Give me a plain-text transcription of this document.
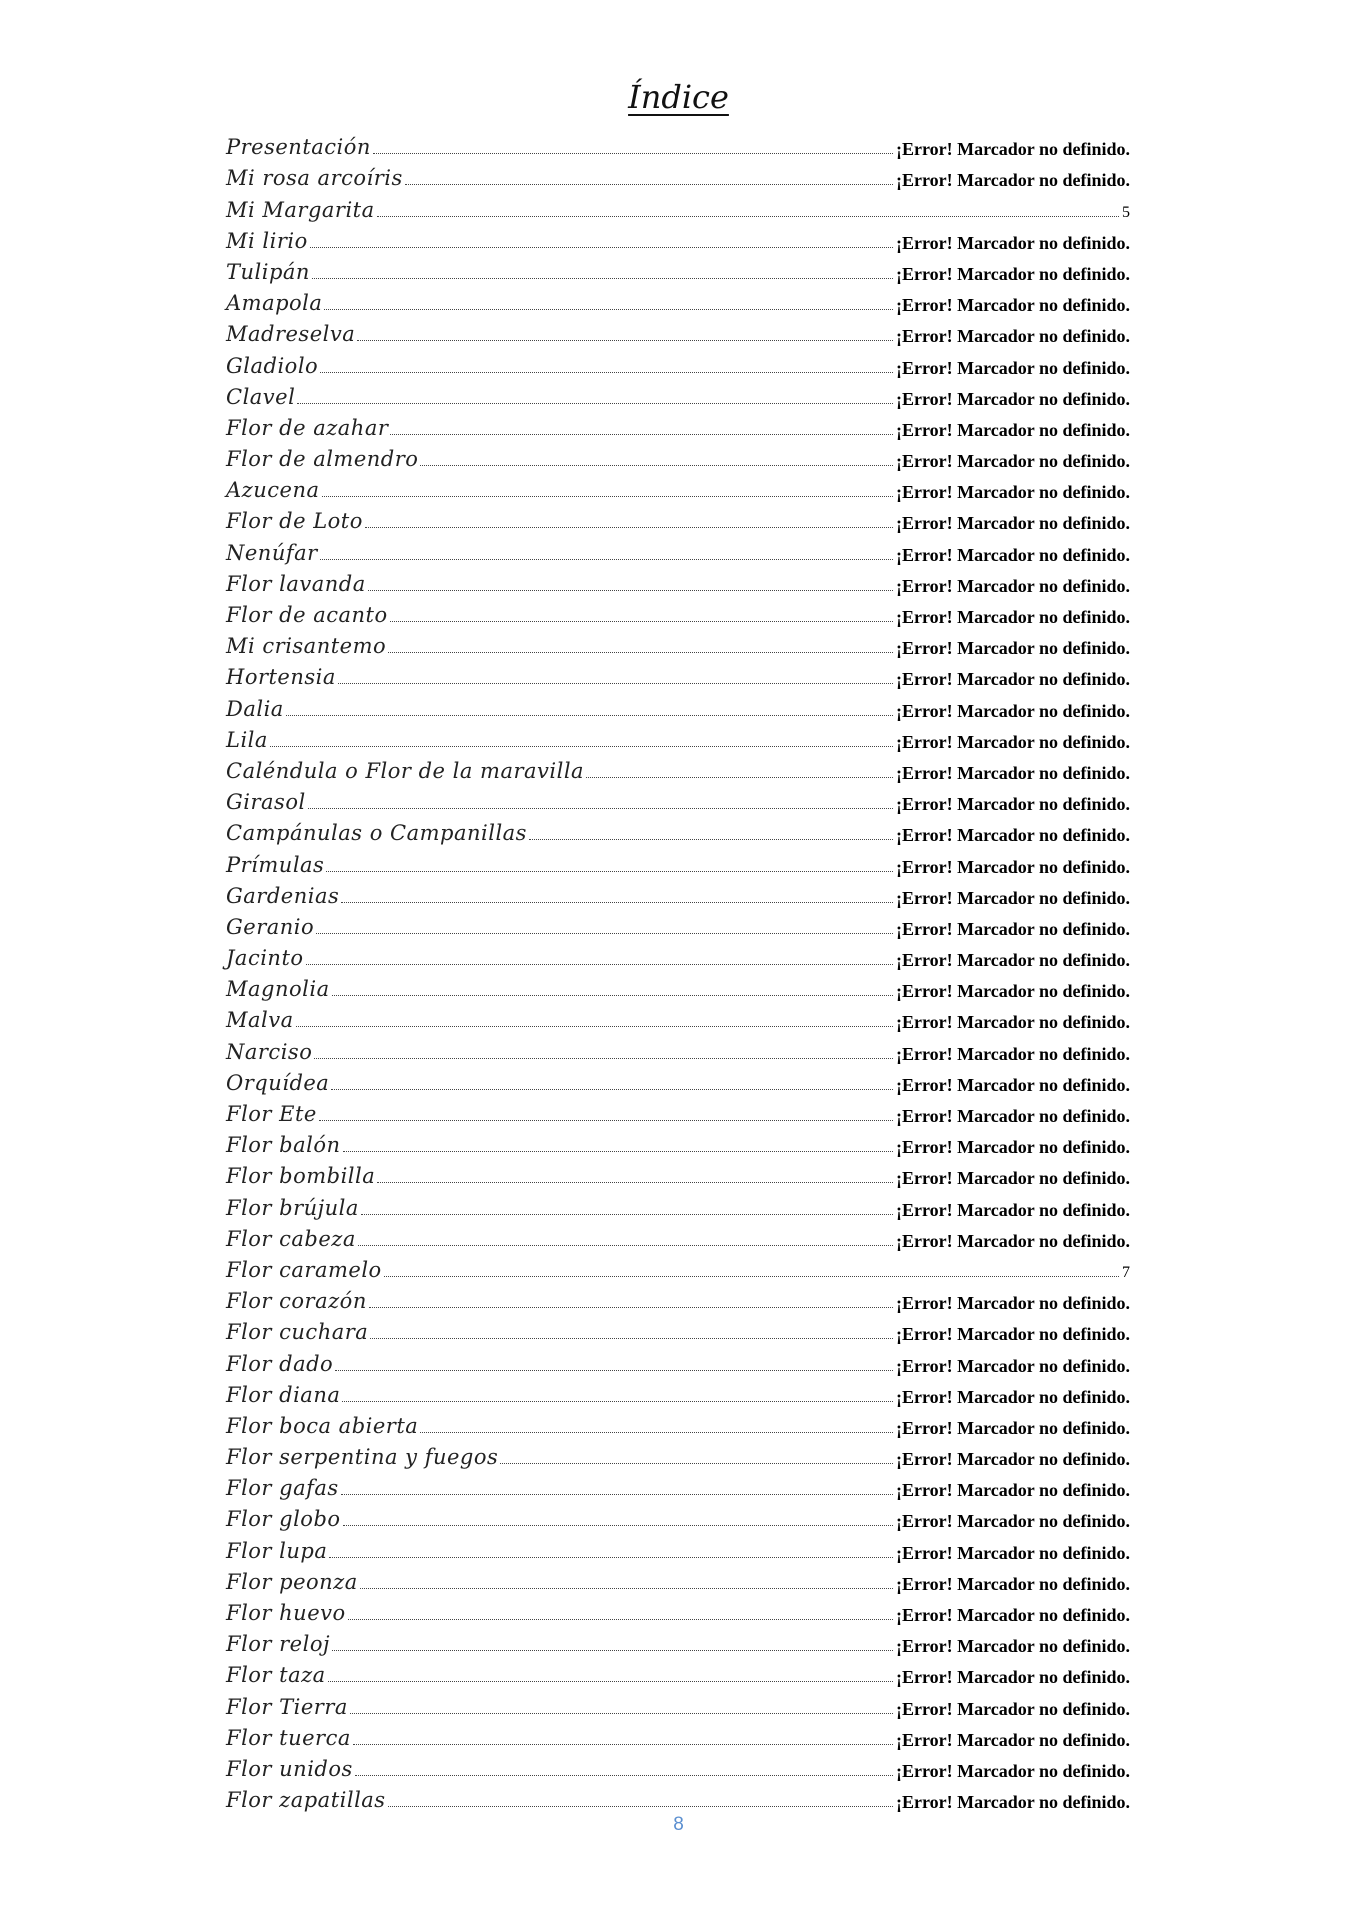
Índice
Presentación	¡Error! Marcador no definido.
Mi rosa arcoíris	¡Error! Marcador no definido.
Mi Margarita	5
Mi lirio	¡Error! Marcador no definido.
Tulipán	¡Error! Marcador no definido.
Amapola	¡Error! Marcador no definido.
Madreselva	¡Error! Marcador no definido.
Gladiolo	¡Error! Marcador no definido.
Clavel	¡Error! Marcador no definido.
Flor de azahar	¡Error! Marcador no definido.
Flor de almendro	¡Error! Marcador no definido.
Azucena	¡Error! Marcador no definido.
Flor de Loto	¡Error! Marcador no definido.
Nenúfar	¡Error! Marcador no definido.
Flor lavanda	¡Error! Marcador no definido.
Flor de acanto	¡Error! Marcador no definido.
Mi crisantemo	¡Error! Marcador no definido.
Hortensia	¡Error! Marcador no definido.
Dalia	¡Error! Marcador no definido.
Lila	¡Error! Marcador no definido.
Caléndula o Flor de la maravilla	¡Error! Marcador no definido.
Girasol	¡Error! Marcador no definido.
Campánulas o Campanillas	¡Error! Marcador no definido.
Prímulas	¡Error! Marcador no definido.
Gardenias	¡Error! Marcador no definido.
Geranio	¡Error! Marcador no definido.
Jacinto	¡Error! Marcador no definido.
Magnolia	¡Error! Marcador no definido.
Malva	¡Error! Marcador no definido.
Narciso	¡Error! Marcador no definido.
Orquídea	¡Error! Marcador no definido.
Flor Ete	¡Error! Marcador no definido.
Flor balón	¡Error! Marcador no definido.
Flor bombilla	¡Error! Marcador no definido.
Flor brújula	¡Error! Marcador no definido.
Flor cabeza	¡Error! Marcador no definido.
Flor caramelo	7
Flor corazón	¡Error! Marcador no definido.
Flor cuchara	¡Error! Marcador no definido.
Flor dado	¡Error! Marcador no definido.
Flor diana	¡Error! Marcador no definido.
Flor boca abierta	¡Error! Marcador no definido.
Flor serpentina y fuegos	¡Error! Marcador no definido.
Flor gafas	¡Error! Marcador no definido.
Flor globo	¡Error! Marcador no definido.
Flor lupa	¡Error! Marcador no definido.
Flor peonza	¡Error! Marcador no definido.
Flor huevo	¡Error! Marcador no definido.
Flor reloj	¡Error! Marcador no definido.
Flor taza	¡Error! Marcador no definido.
Flor Tierra	¡Error! Marcador no definido.
Flor tuerca	¡Error! Marcador no definido.
Flor unidos	¡Error! Marcador no definido.
Flor zapatillas	¡Error! Marcador no definido.
8
